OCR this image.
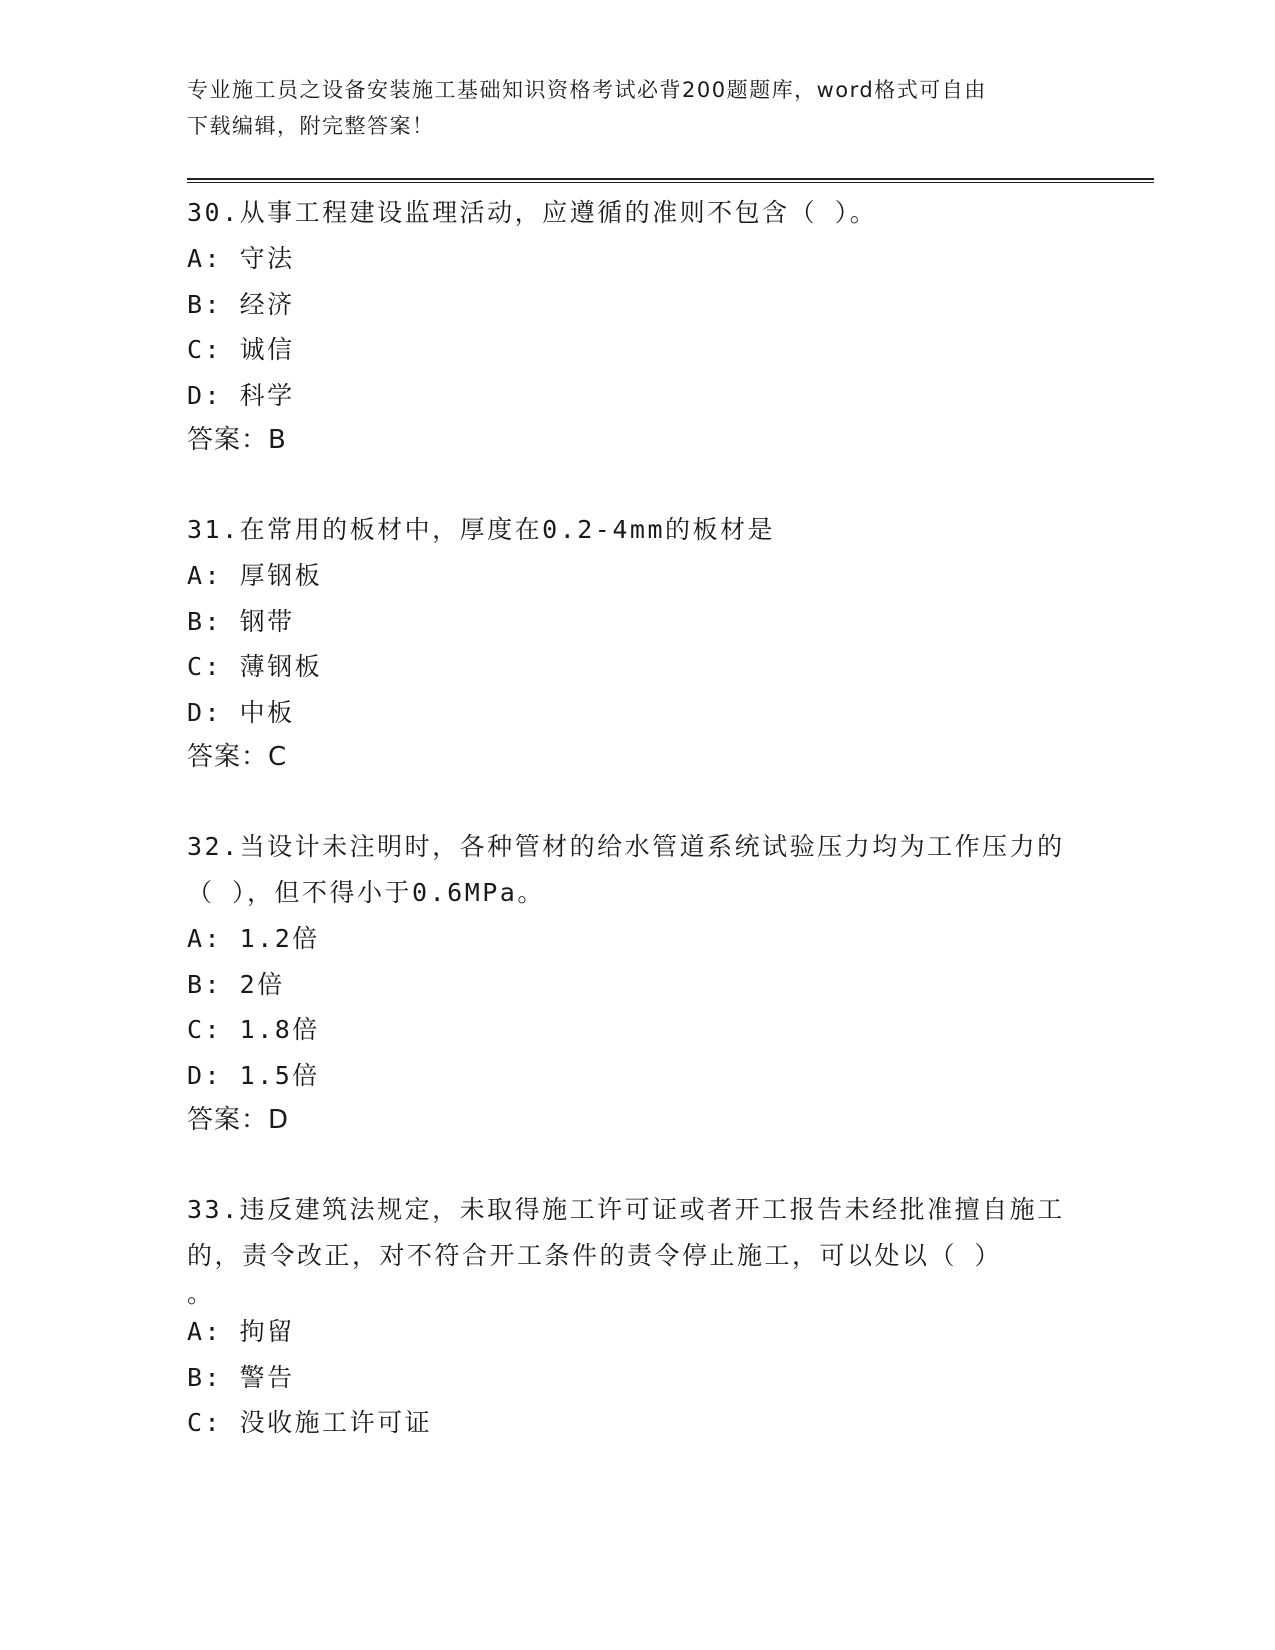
专业施工员之设备安装施工基础知识资格考试必背200题题库，word格式可自由
下载编辑，附完整答案！

30.从事工程建设监理活动，应遵循的准则不包含（ ）。

A: 守法
B: 经济
C: 诚信
D: 科学
答案：B

31.在常用的板材中，厚度在0.2-4mm的板材是

A: 厚钢板
B: 钢带
C: 薄钢板
D: 中板
答案：C

32.当设计未注明时，各种管材的给水管道系统试验压力均为工作压力的（ ），但不得小于0.6MPa。

A: 1.2倍
B: 2倍
C: 1.8倍
D: 1.5倍
答案：D

33.违反建筑法规定，未取得施工许可证或者开工报告未经批准擅自施工的，责令改正，对不符合开工条件的责令停止施工，可以处以（ ）

。
A: 拘留
B: 警告
C: 没收施工许可证
